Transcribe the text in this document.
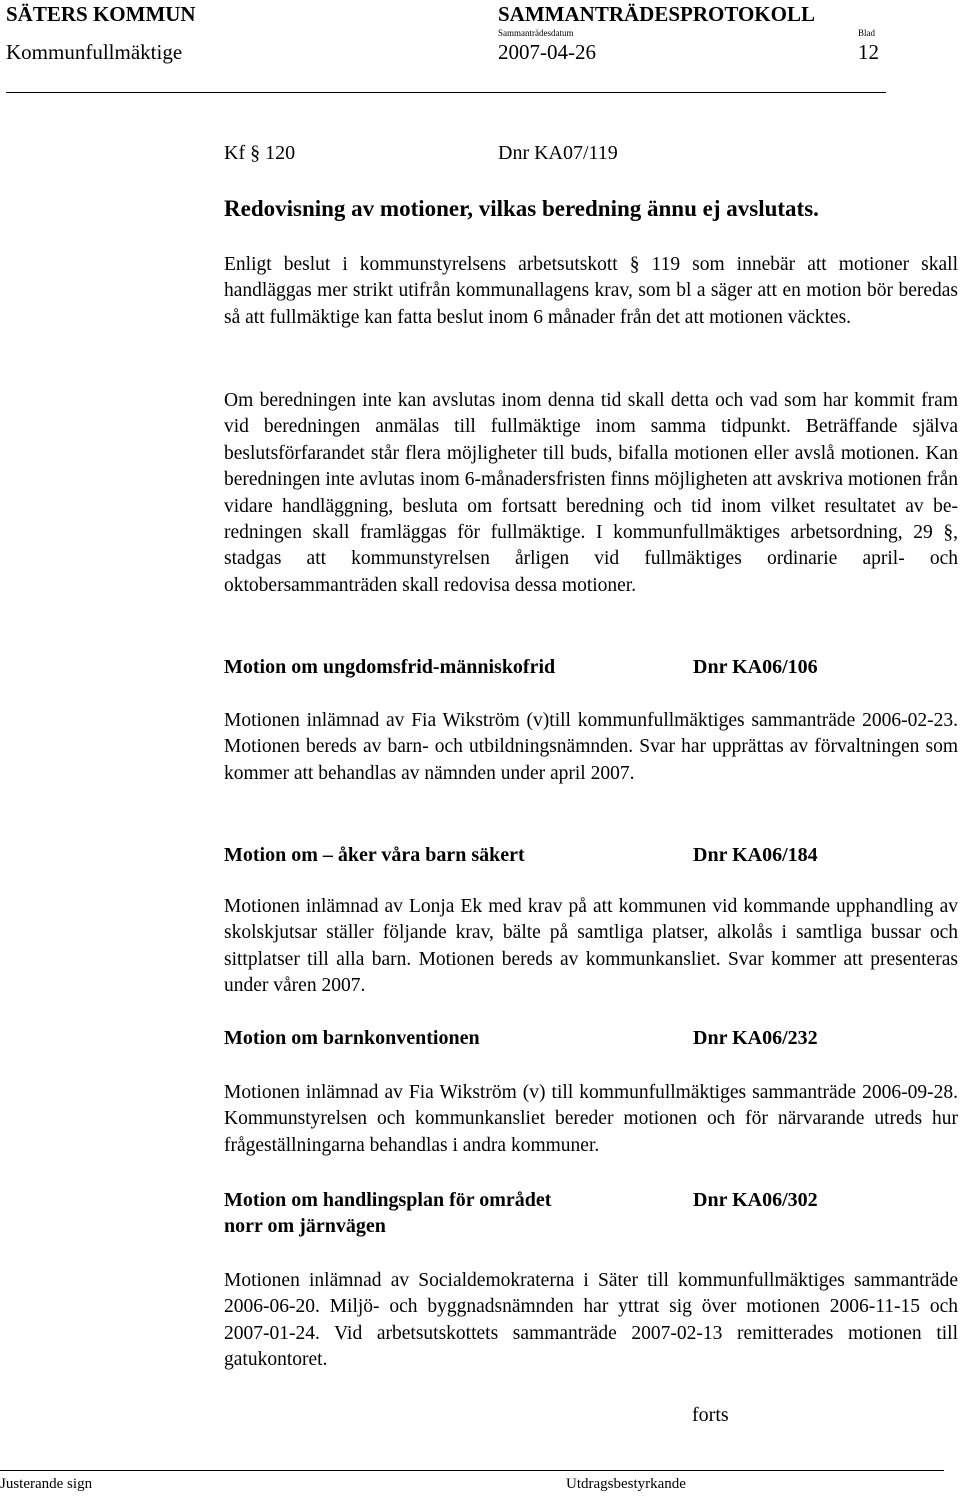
SÄTERS KOMMUN	SAMMANTRÄDESPROTOKOLL
Kommunfullmäktige
Sammanträdesdatum
2007-04-26
Blad
12
Kf § 120	Dnr KA07/119
Redovisning av motioner, vilkas beredning ännu ej avslutats.
Enligt beslut i kommunstyrelsens arbetsutskott § 119 som innebär att motioner skall handläggas mer strikt utifrån kommunallagens krav, som bl a säger att en motion bör beredas så att fullmäktige kan fatta beslut inom 6 månader från det att motionen väcktes.
Om beredningen inte kan avslutas inom denna tid skall detta och vad som har kommit fram vid beredningen anmälas till fullmäktige inom samma tidpunkt. Beträffande själva beslutsförfarandet står flera möjligheter till buds, bifalla motionen eller avslå motionen. Kan beredningen inte avlutas inom 6-månadersfristen finns möjligheten att avskriva motionen från vidare handläggning, besluta om fortsatt beredning och tid inom vilket resultatet av beredningen skall framläggas för fullmäktige. I kommunfullmäktiges arbetsordning, 29 §, stadgas att kommunstyrelsen årligen vid fullmäktiges ordinarie april- och oktobersammanträden skall redovisa dessa motioner.
Motion om ungdomsfrid-människofrid	Dnr KA06/106
Motionen inlämnad av Fia Wikström (v)till kommunfullmäktiges sammanträde 2006-02-23. Motionen bereds av barn- och utbildningsnämnden. Svar har upprättas av förvaltningen som kommer att behandlas av nämnden under april 2007.
Motion om – åker våra barn säkert	Dnr KA06/184
Motionen inlämnad av Lonja Ek med krav på att kommunen vid kommande upphandling av skolskjutsar ställer följande krav, bälte på samtliga platser, alkolås i samtliga bussar och sittplatser till alla barn. Motionen bereds av kommunkansliet. Svar kommer att presenteras under våren 2007.
Motion om barnkonventionen	Dnr KA06/232
Motionen inlämnad av Fia Wikström (v) till kommunfullmäktiges sammanträde 2006-09-28. Kommunstyrelsen och kommunkansliet bereder motionen och för närvarande utreds hur frågeställningarna behandlas i andra kommuner.
Motion om handlingsplan för området
norr om järnvägen
Dnr KA06/302
Motionen inlämnad av Socialdemokraterna i Säter till kommunfullmäktiges sammanträde 2006-06-20. Miljö- och byggnadsnämnden har yttrat sig över motionen 2006-11-15 och 2007-01-24. Vid arbetsutskottets sammanträde 2007-02-13 remitterades motionen till gatukontoret.
forts
Justerande sign	Utdragsbestyrkande
